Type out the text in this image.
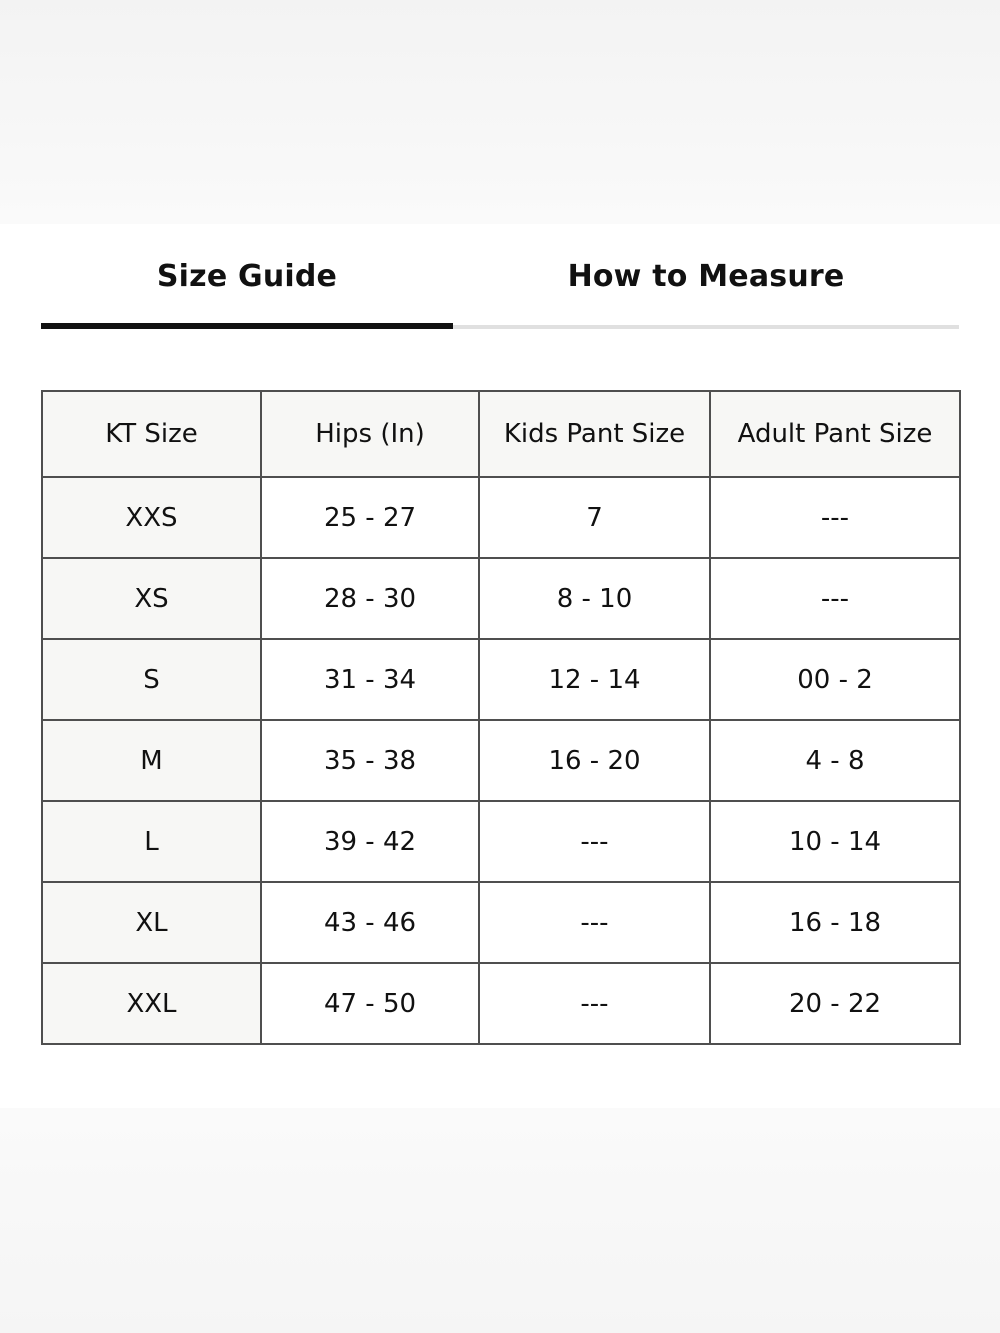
Size Guide	How to Measure
KT Size	Hips (In)	Kids Pant Size	Adult Pant Size
XXS	25 - 27	7	---
XS	28 - 30	8 - 10	---
S	31 - 34	12 - 14	00 - 2
M	35 - 38	16 - 20	4 - 8
L	39 - 42	---	10 - 14
XL	43 - 46	---	16 - 18
XXL	47 - 50	---	20 - 22
